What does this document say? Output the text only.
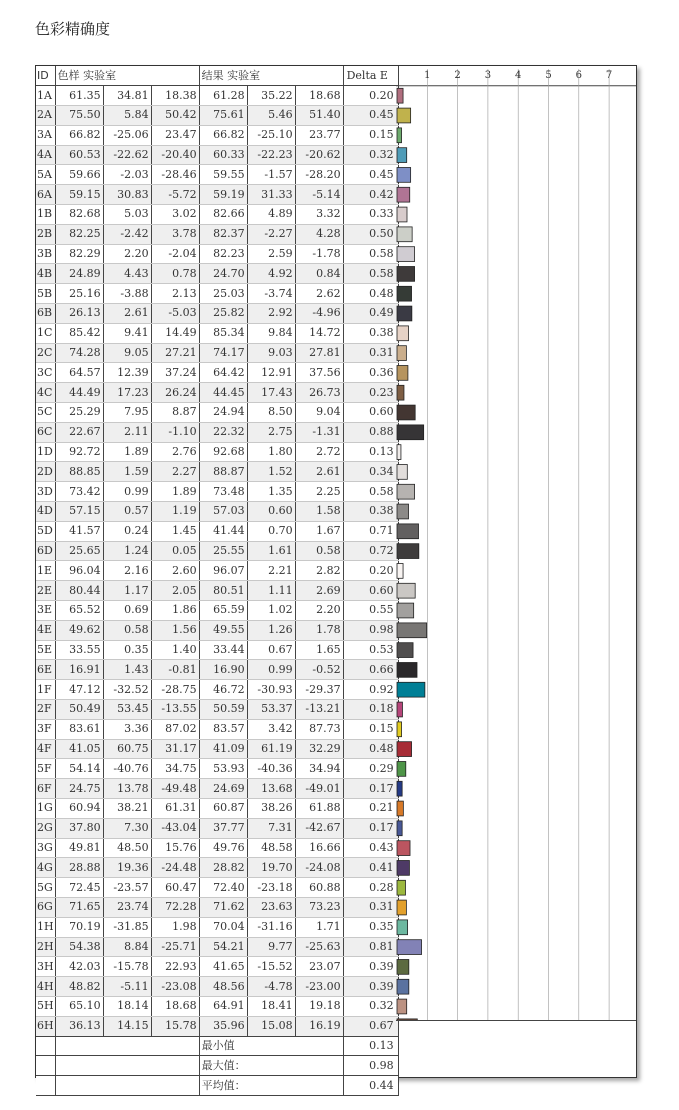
色彩精确度
ID	色样 实验室			结果 实验室			Delta E
1A	61.35	34.81	18.38	61.28	35.22	18.68	0.20
2A	75.50	5.84	50.42	75.61	5.46	51.40	0.45
3A	66.82	-25.06	23.47	66.82	-25.10	23.77	0.15
4A	60.53	-22.62	-20.40	60.33	-22.23	-20.62	0.32
5A	59.66	-2.03	-28.46	59.55	-1.57	-28.20	0.45
6A	59.15	30.83	-5.72	59.19	31.33	-5.14	0.42
1B	82.68	5.03	3.02	82.66	4.89	3.32	0.33
2B	82.25	-2.42	3.78	82.37	-2.27	4.28	0.50
3B	82.29	2.20	-2.04	82.23	2.59	-1.78	0.58
4B	24.89	4.43	0.78	24.70	4.92	0.84	0.58
5B	25.16	-3.88	2.13	25.03	-3.74	2.62	0.48
6B	26.13	2.61	-5.03	25.82	2.92	-4.96	0.49
1C	85.42	9.41	14.49	85.34	9.84	14.72	0.38
2C	74.28	9.05	27.21	74.17	9.03	27.81	0.31
3C	64.57	12.39	37.24	64.42	12.91	37.56	0.36
4C	44.49	17.23	26.24	44.45	17.43	26.73	0.23
5C	25.29	7.95	8.87	24.94	8.50	9.04	0.60
6C	22.67	2.11	-1.10	22.32	2.75	-1.31	0.88
1D	92.72	1.89	2.76	92.68	1.80	2.72	0.13
2D	88.85	1.59	2.27	88.87	1.52	2.61	0.34
3D	73.42	0.99	1.89	73.48	1.35	2.25	0.58
4D	57.15	0.57	1.19	57.03	0.60	1.58	0.38
5D	41.57	0.24	1.45	41.44	0.70	1.67	0.71
6D	25.65	1.24	0.05	25.55	1.61	0.58	0.72
1E	96.04	2.16	2.60	96.07	2.21	2.82	0.20
2E	80.44	1.17	2.05	80.51	1.11	2.69	0.60
3E	65.52	0.69	1.86	65.59	1.02	2.20	0.55
4E	49.62	0.58	1.56	49.55	1.26	1.78	0.98
5E	33.55	0.35	1.40	33.44	0.67	1.65	0.53
6E	16.91	1.43	-0.81	16.90	0.99	-0.52	0.66
1F	47.12	-32.52	-28.75	46.72	-30.93	-29.37	0.92
2F	50.49	53.45	-13.55	50.59	53.37	-13.21	0.18
3F	83.61	3.36	87.02	83.57	3.42	87.73	0.15
4F	41.05	60.75	31.17	41.09	61.19	32.29	0.48
5F	54.14	-40.76	34.75	53.93	-40.36	34.94	0.29
6F	24.75	13.78	-49.48	24.69	13.68	-49.01	0.17
1G	60.94	38.21	61.31	60.87	38.26	61.88	0.21
2G	37.80	7.30	-43.04	37.77	7.31	-42.67	0.17
3G	49.81	48.50	15.76	49.76	48.58	16.66	0.43
4G	28.88	19.36	-24.48	28.82	19.70	-24.08	0.41
5G	72.45	-23.57	60.47	72.40	-23.18	60.88	0.28
6G	71.65	23.74	72.28	71.62	23.63	73.23	0.31
1H	70.19	-31.85	1.98	70.04	-31.16	1.71	0.35
2H	54.38	8.84	-25.71	54.21	9.77	-25.63	0.81
3H	42.03	-15.78	22.93	41.65	-15.52	23.07	0.39
4H	48.82	-5.11	-23.08	48.56	-4.78	-23.00	0.39
5H	65.10	18.14	18.68	64.91	18.41	19.18	0.32
6H	36.13	14.15	15.78	35.96	15.08	16.19	0.67
				最小值			0.13
				最大值：			0.98
				平均值：			0.44
1 2 3 4 5 6 7
